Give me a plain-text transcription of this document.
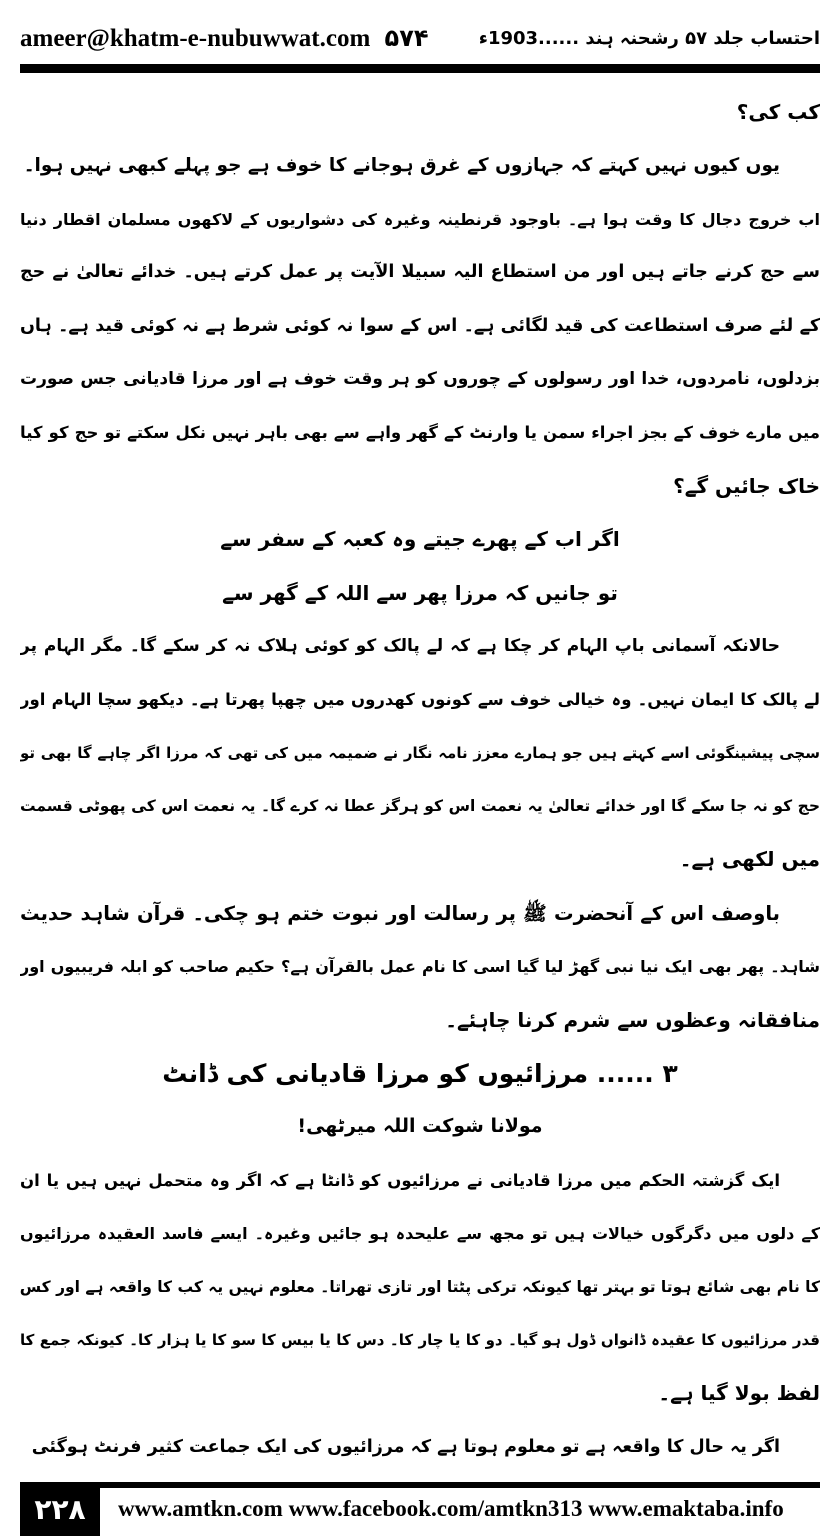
ameer@khatm-e-nubuwwat.com ۵۷۴	احتساب جلد ۵۷ رشحنہ ہند ......1903ء
کب کی؟
یوں کیوں نہیں کہتے کہ جہازوں کے غرق ہوجانے کا خوف ہے جو پہلے کبھی نہیں ہوا۔
اب خروج دجال کا وقت ہوا ہے۔ باوجود قرنطینہ وغیرہ کی دشواریوں کے لاکھوں مسلمان اقطار دنیا
سے حج کرنے جاتے ہیں اور من استطاع الیہ سبیلا الآیت پر عمل کرتے ہیں۔ خدائے تعالیٰ نے حج
کے لئے صرف استطاعت کی قید لگائی ہے۔ اس کے سوا نہ کوئی شرط ہے نہ کوئی قید ہے۔ ہاں
بزدلوں، نامردوں، خدا اور رسولوں کے چوروں کو ہر وقت خوف ہے اور مرزا قادیانی جس صورت
میں مارے خوف کے بجز اجراء سمن یا وارنٹ کے گھر واہے سے بھی باہر نہیں نکل سکتے تو حج کو کیا
خاک جائیں گے؟
اگر اب کے پھرے جیتے وہ کعبہ کے سفر سے
تو جانیں کہ مرزا پھر سے اللہ کے گھر سے
حالانکہ آسمانی باپ الہام کر چکا ہے کہ لے پالک کو کوئی ہلاک نہ کر سکے گا۔ مگر الہام پر
لے پالک کا ایمان نہیں۔ وہ خیالی خوف سے کونوں کھدروں میں چھپا پھرتا ہے۔ دیکھو سچا الہام اور
سچی پیشینگوئی اسے کہتے ہیں جو ہمارے معزز نامہ نگار نے ضمیمہ میں کی تھی کہ مرزا اگر چاہے گا بھی تو
حج کو نہ جا سکے گا اور خدائے تعالیٰ یہ نعمت اس کو ہرگز عطا نہ کرے گا۔ یہ نعمت اس کی پھوٹی قسمت
میں لکھی ہے۔
باوصف اس کے آنحضرت ﷺ پر رسالت اور نبوت ختم ہو چکی۔ قرآن شاہد حدیث
شاہد۔ پھر بھی ایک نیا نبی گھڑ لیا گیا اسی کا نام عمل بالقرآن ہے؟ حکیم صاحب کو ابلہ فریبیوں اور
منافقانہ وعظوں سے شرم کرنا چاہئے۔
۳ ...... مرزائیوں کو مرزا قادیانی کی ڈانٹ
مولانا شوکت اللہ میرٹھی!
ایک گزشتہ الحکم میں مرزا قادیانی نے مرزائیوں کو ڈانٹا ہے کہ اگر وہ متحمل نہیں ہیں یا ان
کے دلوں میں دگرگوں خیالات ہیں تو مجھ سے علیحدہ ہو جائیں وغیرہ۔ ایسے فاسد العقیدہ مرزائیوں
کا نام بھی شائع ہوتا تو بہتر تھا کیونکہ ترکی پٹتا اور تازی تھراتا۔ معلوم نہیں یہ کب کا واقعہ ہے اور کس
قدر مرزائیوں کا عقیدہ ڈانواں ڈول ہو گیا۔ دو کا یا چار کا۔ دس کا یا بیس کا سو کا یا ہزار کا۔ کیونکہ جمع کا
لفظ بولا گیا ہے۔
اگر یہ حال کا واقعہ ہے تو معلوم ہوتا ہے کہ مرزائیوں کی ایک جماعت کثیر فرنٹ ہوگئی
۲۲۸	www.amtkn.com www.facebook.com/amtkn313 www.emaktaba.info
